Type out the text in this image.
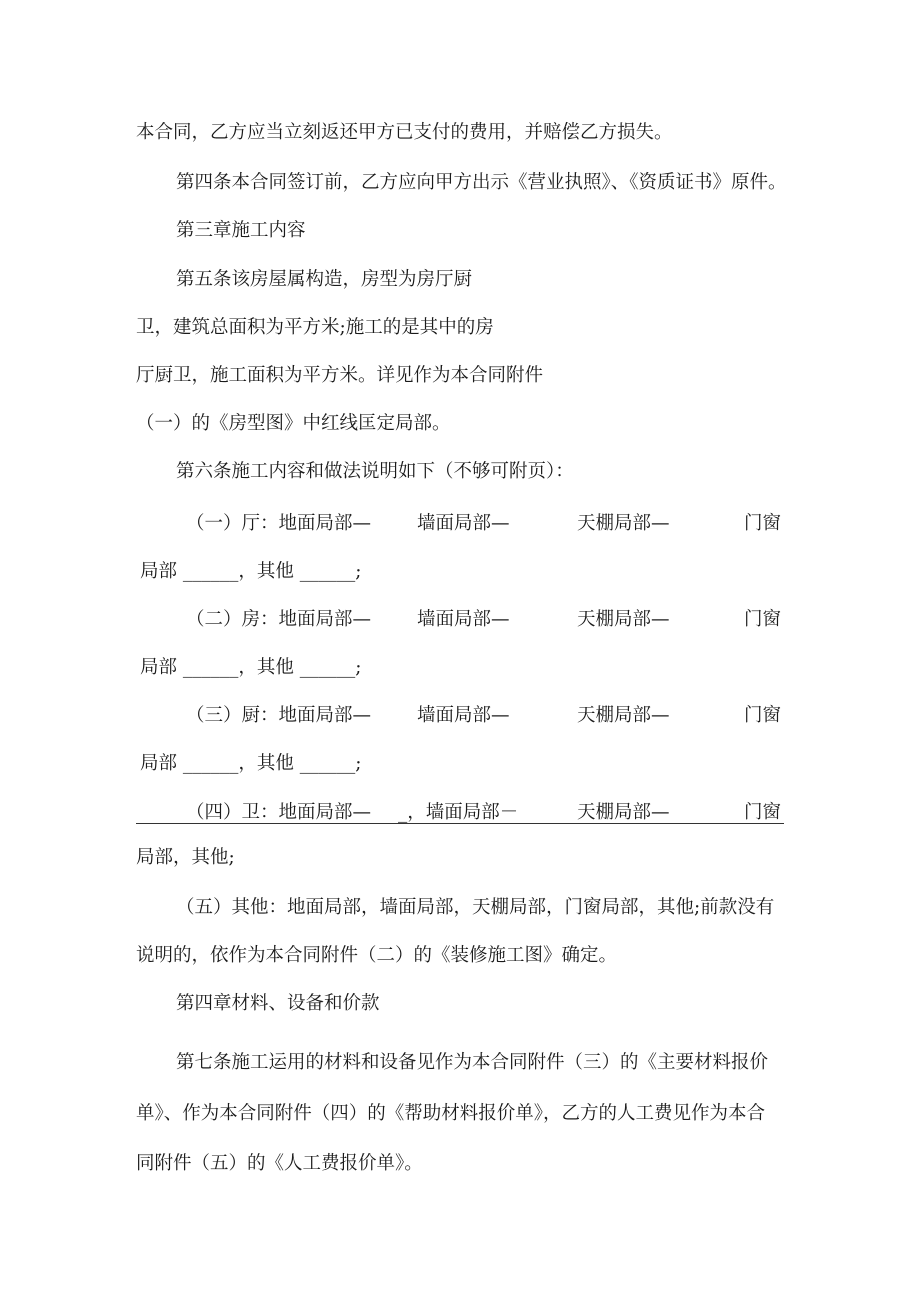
本合同，乙方应当立刻返还甲方已支付的费用，并赔偿乙方损失。
第四条本合同签订前，乙方应向甲方出示《营业执照》、《资质证书》原件。
第三章施工内容
第五条该房屋属构造，房型为房厅厨
卫，建筑总面积为平方米;施工的是其中的房
厅厨卫，施工面积为平方米。详见作为本合同附件
（一）的《房型图》中红线匡定局部。
第六条施工内容和做法说明如下（不够可附页）：
（一）厅：地面局部— 墙面局部—	天棚局部—	门窗
局部 ______，其他 ______;
（二）房：地面局部— 墙面局部—	天棚局部—	门窗
局部 ______，其他 ______;
（三）厨：地面局部— 墙面局部—	天棚局部—	门窗
局部 ______，其他 ______;
（四）卫：地面局部— _，墙面局部－	天棚局部—	门窗
局部，其他;
（五）其他：地面局部，墙面局部，天棚局部，门窗局部，其他;前款没有
说明的，依作为本合同附件（二）的《装修施工图》确定。
第四章材料、设备和价款
第七条施工运用的材料和设备见作为本合同附件（三）的《主要材料报价
单》、作为本合同附件（四）的《帮助材料报价单》，乙方的人工费见作为本合
同附件（五）的《人工费报价单》。
